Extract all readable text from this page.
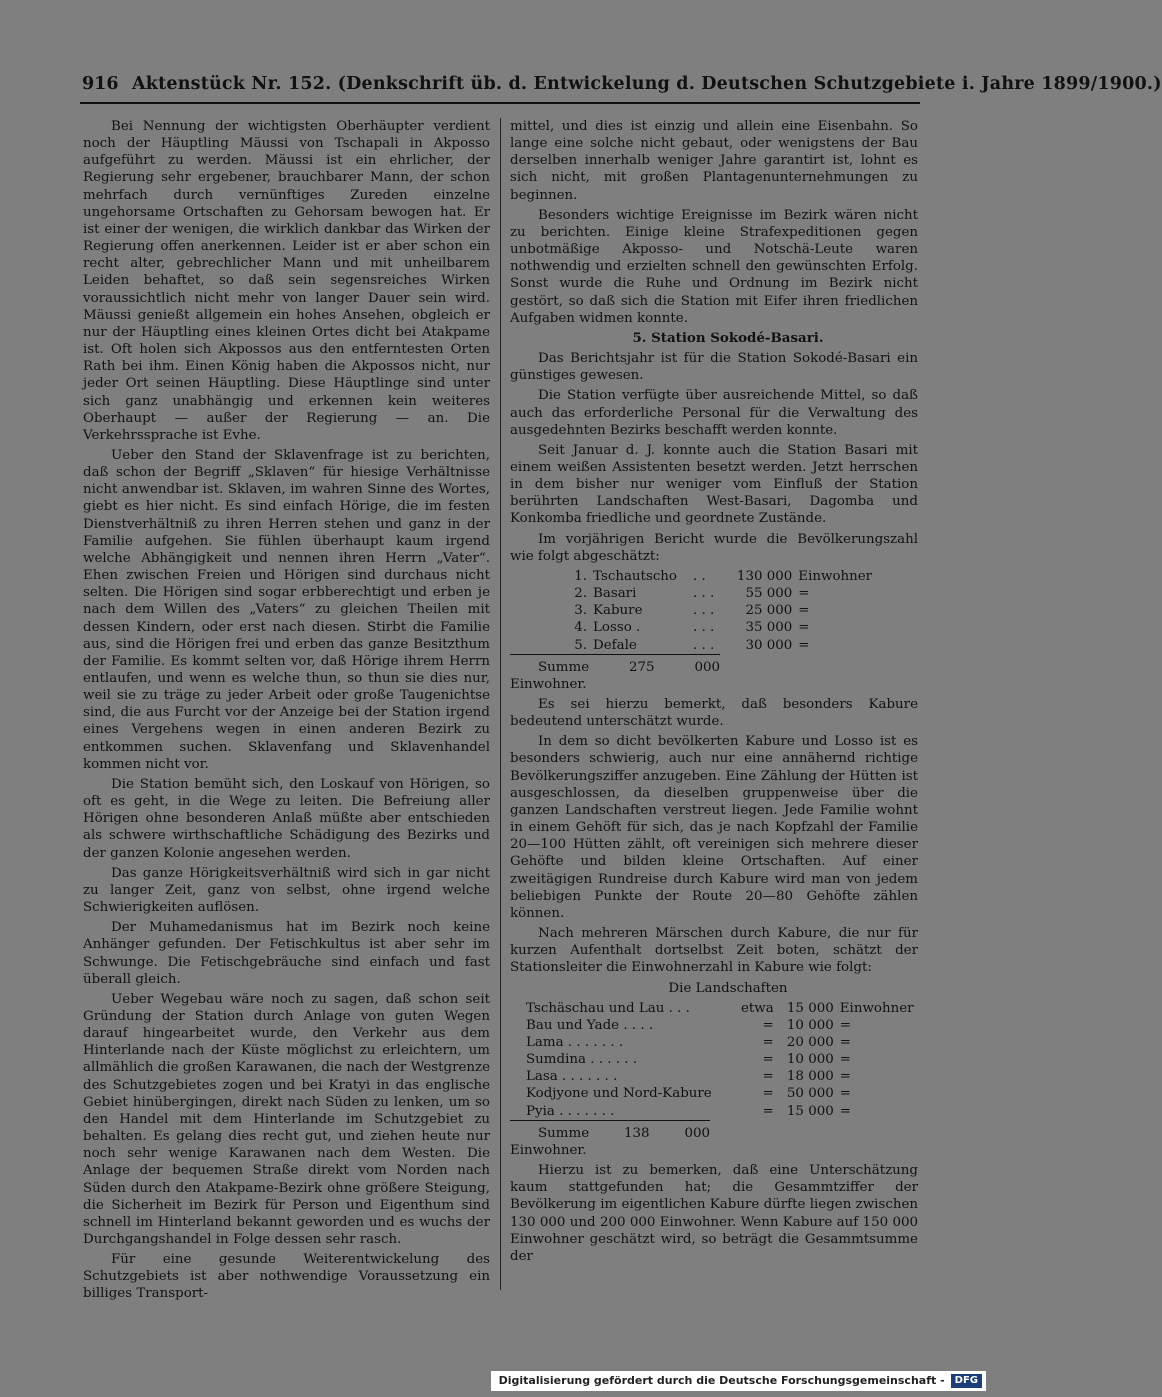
916 Aktenstück Nr. 152. (Denkschrift üb. d. Entwickelung d. Deutschen Schutzgebiete i. Jahre 1899/1900.)

Bei Nennung der wichtigsten Oberhäupter verdient noch der Häuptling Mäussi von Tschapali in Akposso aufgeführt zu werden. Mäussi ist ein ehrlicher, der Regierung sehr ergebener, brauchbarer Mann, der schon mehrfach durch vernünftiges Zureden einzelne ungehorsame Ortschaften zu Gehorsam bewogen hat. Er ist einer der wenigen, die wirklich dankbar das Wirken der Regierung offen anerkennen. Leider ist er aber schon ein recht alter, gebrechlicher Mann und mit unheilbarem Leiden behaftet, so daß sein segensreiches Wirken voraussichtlich nicht mehr von langer Dauer sein wird. Mäussi genießt allgemein ein hohes Ansehen, obgleich er nur der Häuptling eines kleinen Ortes dicht bei Atakpame ist. Oft holen sich Akpossos aus den entferntesten Orten Rath bei ihm. Einen König haben die Akpossos nicht, nur jeder Ort seinen Häuptling. Diese Häuptlinge sind unter sich ganz unabhängig und erkennen kein weiteres Oberhaupt — außer der Regierung — an. Die Verkehrssprache ist Evhe.

Ueber den Stand der Sklavenfrage ist zu berichten, daß schon der Begriff „Sklaven“ für hiesige Verhältnisse nicht anwendbar ist. Sklaven, im wahren Sinne des Wortes, giebt es hier nicht. Es sind einfach Hörige, die im festen Dienstverhältniß zu ihren Herren stehen und ganz in der Familie aufgehen. Sie fühlen überhaupt kaum irgend welche Abhängigkeit und nennen ihren Herrn „Vater“. Ehen zwischen Freien und Hörigen sind durchaus nicht selten. Die Hörigen sind sogar erbberechtigt und erben je nach dem Willen des „Vaters“ zu gleichen Theilen mit dessen Kindern, oder erst nach diesen. Stirbt die Familie aus, sind die Hörigen frei und erben das ganze Besitzthum der Familie. Es kommt selten vor, daß Hörige ihrem Herrn entlaufen, und wenn es welche thun, so thun sie dies nur, weil sie zu träge zu jeder Arbeit oder große Taugenichtse sind, die aus Furcht vor der Anzeige bei der Station irgend eines Vergehens wegen in einen anderen Bezirk zu entkommen suchen. Sklavenfang und Sklavenhandel kommen nicht vor.

Die Station bemüht sich, den Loskauf von Hörigen, so oft es geht, in die Wege zu leiten. Die Befreiung aller Hörigen ohne besonderen Anlaß müßte aber entschieden als schwere wirthschaftliche Schädigung des Bezirks und der ganzen Kolonie angesehen werden.

Das ganze Hörigkeitsverhältniß wird sich in gar nicht zu langer Zeit, ganz von selbst, ohne irgend welche Schwierigkeiten auflösen.

Der Muhamedanismus hat im Bezirk noch keine Anhänger gefunden. Der Fetischkultus ist aber sehr im Schwunge. Die Fetischgebräuche sind einfach und fast überall gleich.

Ueber Wegebau wäre noch zu sagen, daß schon seit Gründung der Station durch Anlage von guten Wegen darauf hingearbeitet wurde, den Verkehr aus dem Hinterlande nach der Küste möglichst zu erleichtern, um allmählich die großen Karawanen, die nach der Westgrenze des Schutzgebietes zogen und bei Kratyi in das englische Gebiet hinübergingen, direkt nach Süden zu lenken, um so den Handel mit dem Hinterlande im Schutzgebiet zu behalten. Es gelang dies recht gut, und ziehen heute nur noch sehr wenige Karawanen nach dem Westen. Die Anlage der bequemen Straße direkt vom Norden nach Süden durch den Atakpame-Bezirk ohne größere Steigung, die Sicherheit im Bezirk für Person und Eigenthum sind schnell im Hinterland bekannt geworden und es wuchs der Durchgangshandel in Folge dessen sehr rasch.

Für eine gesunde Weiterentwickelung des Schutzgebiets ist aber nothwendige Voraussetzung ein billiges Transport-

mittel, und dies ist einzig und allein eine Eisenbahn. So lange eine solche nicht gebaut, oder wenigstens der Bau derselben innerhalb weniger Jahre garantirt ist, lohnt es sich nicht, mit großen Plantagenunternehmungen zu beginnen.

Besonders wichtige Ereignisse im Bezirk wären nicht zu berichten. Einige kleine Strafexpeditionen gegen unbotmäßige Akposso- und Notschä-Leute waren nothwendig und erzielten schnell den gewünschten Erfolg. Sonst wurde die Ruhe und Ordnung im Bezirk nicht gestört, so daß sich die Station mit Eifer ihren friedlichen Aufgaben widmen konnte.

5. Station Sokodé-Basari.

Das Berichtsjahr ist für die Station Sokodé-Basari ein günstiges gewesen.

Die Station verfügte über ausreichende Mittel, so daß auch das erforderliche Personal für die Verwaltung des ausgedehnten Bezirks beschafft werden konnte.

Seit Januar d. J. konnte auch die Station Basari mit einem weißen Assistenten besetzt werden. Jetzt herrschen in dem bisher nur weniger vom Einfluß der Station berührten Landschaften West-Basari, Dagomba und Konkomba friedliche und geordnete Zustände.

Im vorjährigen Bericht wurde die Bevölkerungszahl wie folgt abgeschätzt:

1.	Tschautscho	. .	130 000	Einwohner
2.	Basari	. . .	55 000	=
3.	Kabure	. . .	25 000	=
4.	Losso .	. . .	35 000	=
5.	Defale	. . .	30 000	=

Summe 275 000 Einwohner.

Es sei hierzu bemerkt, daß besonders Kabure bedeutend unterschätzt wurde.

In dem so dicht bevölkerten Kabure und Losso ist es besonders schwierig, auch nur eine annähernd richtige Bevölkerungsziffer anzugeben. Eine Zählung der Hütten ist ausgeschlossen, da dieselben gruppenweise über die ganzen Landschaften verstreut liegen. Jede Familie wohnt in einem Gehöft für sich, das je nach Kopfzahl der Familie 20—100 Hütten zählt, oft vereinigen sich mehrere dieser Gehöfte und bilden kleine Ortschaften. Auf einer zweitägigen Rundreise durch Kabure wird man von jedem beliebigen Punkte der Route 20—80 Gehöfte zählen können.

Nach mehreren Märschen durch Kabure, die nur für kurzen Aufenthalt dortselbst Zeit boten, schätzt der Stationsleiter die Einwohnerzahl in Kabure wie folgt:

Die Landschaften

Tschäschau und Lau . . .	etwa	15 000	Einwohner
Bau und Yade . . . .	=	10 000	=
Lama . . . . . . .	=	20 000	=
Sumdina . . . . . .	=	10 000	=
Lasa . . . . . . .	=	18 000	=
Kodjyone und Nord-Kabure	=	50 000	=
Pyia . . . . . . .	=	15 000	=

Summe 138 000 Einwohner.

Hierzu ist zu bemerken, daß eine Unterschätzung kaum stattgefunden hat; die Gesammtziffer der Bevölkerung im eigentlichen Kabure dürfte liegen zwischen 130 000 und 200 000 Einwohner. Wenn Kabure auf 150 000 Einwohner geschätzt wird, so beträgt die Gesammtsumme der

Digitalisierung gefördert durch die Deutsche Forschungsgemeinschaft -	DFG
